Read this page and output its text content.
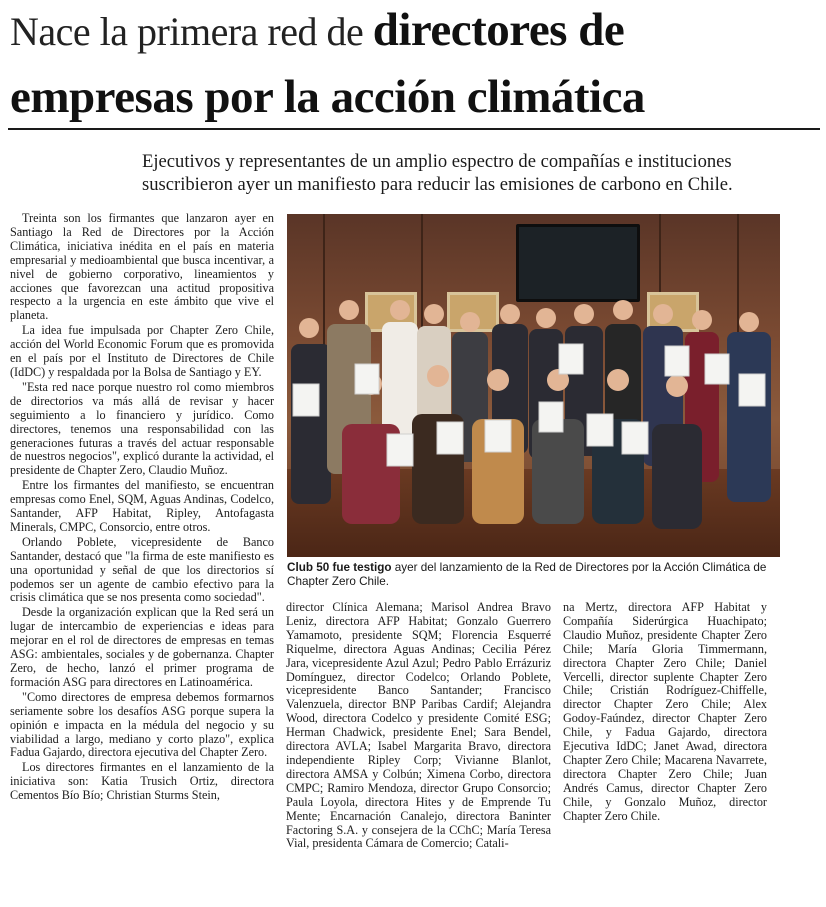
Nace la primera red de directores de
empresas por la acción climática
Ejecutivos y representantes de un amplio espectro de compañías e instituciones suscribieron ayer un manifiesto para reducir las emisiones de carbono en Chile.

Treinta son los firmantes que lanzaron ayer en Santiago la Red de Directores por la Acción Climática, iniciativa inédita en el país en materia empresarial y medioambiental que busca incentivar, a nivel de gobierno corporativo, lineamientos y acciones que favorezcan una actitud propositiva respecto a la urgencia en este ámbito que vive el planeta.

La idea fue impulsada por Chapter Zero Chile, acción del World Economic Forum que es promovida en el país por el Instituto de Directores de Chile (IdDC) y respaldada por la Bolsa de Santiago y EY.

"Esta red nace porque nuestro rol como miembros de directorios va más allá de revisar y hacer seguimiento a lo financiero y jurídico. Como directores, tenemos una responsabilidad con las generaciones futuras a través del actuar responsable de nuestros negocios", explicó durante la actividad, el presidente de Chapter Zero, Claudio Muñoz.

Entre los firmantes del manifiesto, se encuentran empresas como Enel, SQM, Aguas Andinas, Codelco, Santander, AFP Habitat, Ripley, Antofagasta Minerals, CMPC, Consorcio, entre otros.

Orlando Poblete, vicepresidente de Banco Santander, destacó que "la firma de este manifiesto es una oportunidad y señal de que los directorios sí podemos ser un agente de cambio efectivo para la crisis climática que se nos presenta como sociedad".

Desde la organización explican que la Red será un lugar de intercambio de experiencias e ideas para mejorar en el rol de directores de empresas en temas ASG: ambientales, sociales y de gobernanza. Chapter Zero, de hecho, lanzó el primer programa de formación ASG para directores en Latinoamérica.

"Como directores de empresa debemos formarnos seriamente sobre los desafíos ASG porque supera la opinión e impacta en la médula del negocio y su viabilidad a largo, mediano y corto plazo", explica Fadua Gajardo, directora ejecutiva del Chapter Zero.

Los directores firmantes en el lanzamiento de la iniciativa son: Katia Trusich Ortiz, directora Cementos Bío Bío; Christian Sturms Stein,

Club 50 fue testigo ayer del lanzamiento de la Red de Directores por la Acción Climática de Chapter Zero Chile.

director Clínica Alemana; Marisol Andrea Bravo Leniz, directora AFP Habitat; Gonzalo Guerrero Yamamoto, presidente SQM; Florencia Esquerré Riquelme, directora Aguas Andinas; Cecilia Pérez Jara, vicepresidente Azul Azul; Pedro Pablo Errázuriz Domínguez, director Codelco; Orlando Poblete, vicepresidente Banco Santander; Francisco Valenzuela, director BNP Paribas Cardif; Alejandra Wood, directora Codelco y presidente Comité ESG; Herman Chadwick, presidente Enel; Sara Bendel, directora AVLA; Isabel Margarita Bravo, directora independiente Ripley Corp; Vivianne Blanlot, directora AMSA y Colbún; Ximena Corbo, directora CMPC; Ramiro Mendoza, director Grupo Consorcio; Paula Loyola, directora Hites y de Emprende Tu Mente; Encarnación Canalejo, directora Baninter Factoring S.A. y consejera de la CChC; María Teresa Vial, presidenta Cámara de Comercio; Catali-

na Mertz, directora AFP Habitat y Compañía Siderúrgica Huachipato; Claudio Muñoz, presidente Chapter Zero Chile; María Gloria Timmermann, directora Chapter Zero Chile; Daniel Vercelli, director suplente Chapter Zero Chile; Cristián Rodríguez-Chiffelle, director Chapter Zero Chile; Alex Godoy-Faúndez, director Chapter Zero Chile, y Fadua Gajardo, directora Ejecutiva IdDC; Janet Awad, directora Chapter Zero Chile; Macarena Navarrete, directora Chapter Zero Chile; Juan Andrés Camus, director Chapter Zero Chile, y Gonzalo Muñoz, director Chapter Zero Chile.
